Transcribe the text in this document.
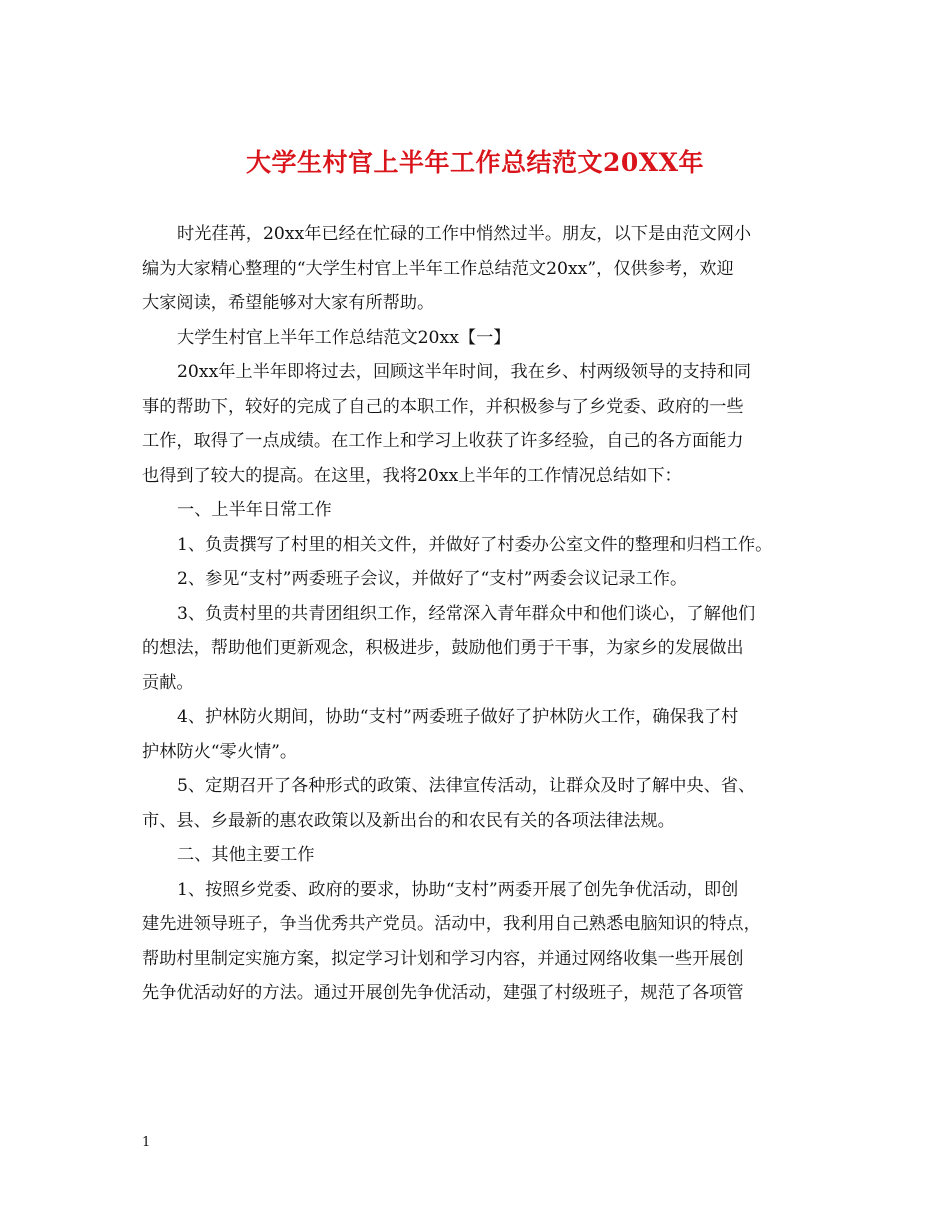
大学生村官上半年工作总结范文20XX年
时光荏苒，20xx年已经在忙碌的工作中悄然过半。朋友，以下是由范文网小
编为大家精心整理的“大学生村官上半年工作总结范文20xx”，仅供参考，欢迎
大家阅读，希望能够对大家有所帮助。
大学生村官上半年工作总结范文20xx【一】
20xx年上半年即将过去，回顾这半年时间，我在乡、村两级领导的支持和同
事的帮助下，较好的完成了自己的本职工作，并积极参与了乡党委、政府的一些
工作，取得了一点成绩。在工作上和学习上收获了许多经验，自己的各方面能力
也得到了较大的提高。在这里，我将20xx上半年的工作情况总结如下：
一、上半年日常工作
1、负责撰写了村里的相关文件，并做好了村委办公室文件的整理和归档工作。
2、参见“支村”两委班子会议，并做好了“支村”两委会议记录工作。
3、负责村里的共青团组织工作，经常深入青年群众中和他们谈心，了解他们
的想法，帮助他们更新观念，积极进步，鼓励他们勇于干事，为家乡的发展做出
贡献。
4、护林防火期间，协助“支村”两委班子做好了护林防火工作，确保我了村
护林防火“零火情”。
5、定期召开了各种形式的政策、法律宣传活动，让群众及时了解中央、省、
市、县、乡最新的惠农政策以及新出台的和农民有关的各项法律法规。
二、其他主要工作
1、按照乡党委、政府的要求，协助“支村”两委开展了创先争优活动，即创
建先进领导班子，争当优秀共产党员。活动中，我利用自己熟悉电脑知识的特点，
帮助村里制定实施方案，拟定学习计划和学习内容，并通过网络收集一些开展创
先争优活动好的方法。通过开展创先争优活动，建强了村级班子，规范了各项管
1
